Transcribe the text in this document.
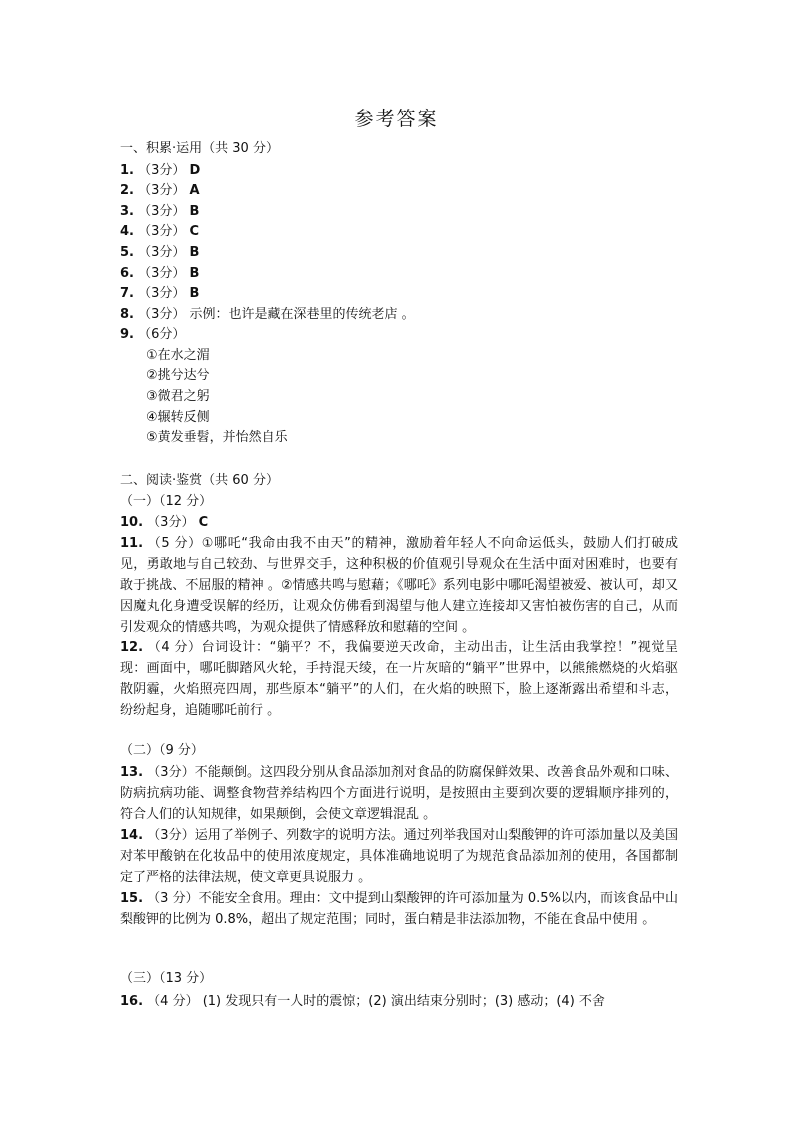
参考答案
一、积累·运用（共 30 分）
1. （3分） D
2. （3分） A
3. （3分） B
4. （3分） C
5. （3分） B
6. （3分） B
7. （3分） B
8. （3分） 示例：也许是藏在深巷里的传统老店 。
9. （6分）
①在水之湄
②挑兮达兮
③微君之躬
④辗转反侧
⑤黄发垂髫，并怡然自乐
二、阅读·鉴赏（共 60 分）
（一）（12 分）
10. （3分） C
11. （5 分）①哪吒“我命由我不由天”的精神，激励着年轻人不向命运低头，鼓励人们打破成见，勇敢地与自己较劲、与世界交手，这种积极的价值观引导观众在生活中面对困难时，也要有敢于挑战、不屈服的精神 。②情感共鸣与慰藉；《哪吒》系列电影中哪吒渴望被爱、被认可，却又因魔丸化身遭受误解的经历，让观众仿佛看到渴望与他人建立连接却又害怕被伤害的自己，从而引发观众的情感共鸣，为观众提供了情感释放和慰藉的空间 。
12. （4 分）台词设计：“躺平？不，我偏要逆天改命，主动出击，让生活由我掌控！”视觉呈现：画面中，哪吒脚踏风火轮，手持混天绫，在一片灰暗的“躺平”世界中，以熊熊燃烧的火焰驱散阴霾，火焰照亮四周，那些原本“躺平”的人们，在火焰的映照下，脸上逐渐露出希望和斗志，纷纷起身，追随哪吒前行 。
（二）（9 分）
13. （3分）不能颠倒。这四段分别从食品添加剂对食品的防腐保鲜效果、改善食品外观和口味、防病抗病功能、调整食物营养结构四个方面进行说明，是按照由主要到次要的逻辑顺序排列的，符合人们的认知规律，如果颠倒，会使文章逻辑混乱 。
14. （3分）运用了举例子、列数字的说明方法。通过列举我国对山梨酸钾的许可添加量以及美国对苯甲酸钠在化妆品中的使用浓度规定，具体准确地说明了为规范食品添加剂的使用，各国都制定了严格的法律法规，使文章更具说服力 。
15. （3 分）不能安全食用。理由：文中提到山梨酸钾的许可添加量为 0.5%以内，而该食品中山梨酸钾的比例为 0.8%，超出了规定范围；同时，蛋白精是非法添加物，不能在食品中使用 。
（三）（13 分）
16. （4 分） (1) 发现只有一人时的震惊；(2) 演出结束分别时；(3) 感动；(4) 不舍
